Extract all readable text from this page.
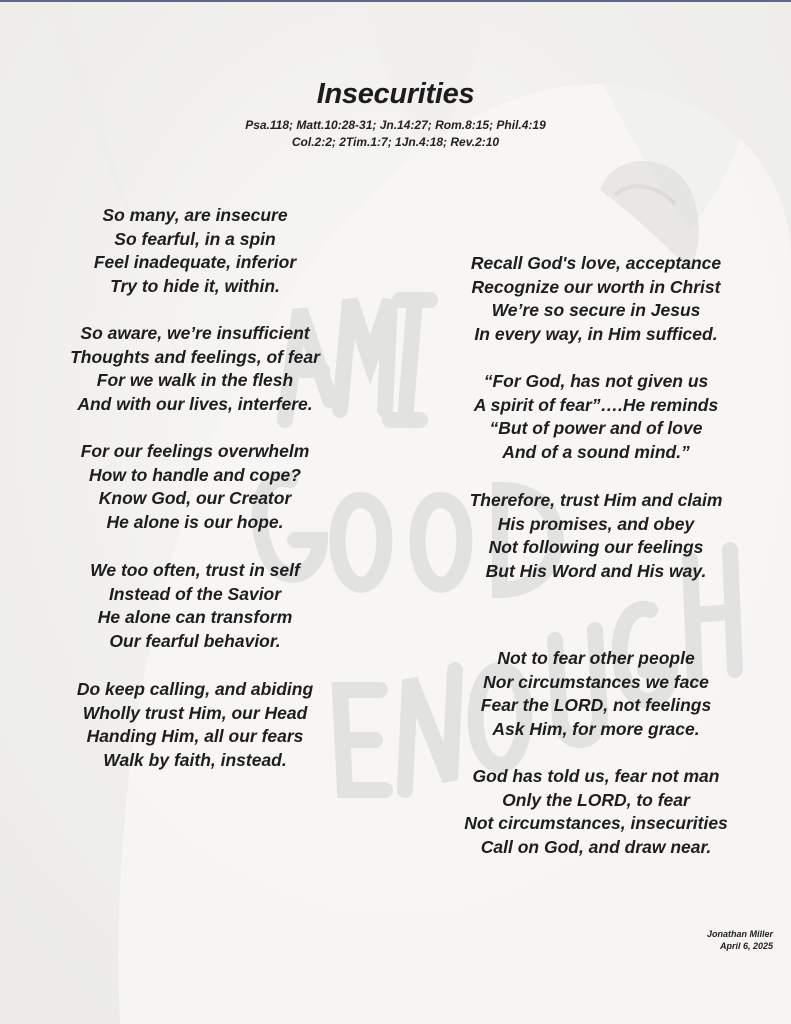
Insecurities
Psa.118; Matt.10:28-31; Jn.14:27; Rom.8:15; Phil.4:19
Col.2:2; 2Tim.1:7; 1Jn.4:18; Rev.2:10
So many, are insecure
So fearful, in a spin
Feel inadequate, inferior
Try to hide it, within.
So aware, we’re insufficient
Thoughts and feelings, of fear
For we walk in the flesh
And with our lives, interfere.
For our feelings overwhelm
How to handle and cope?
Know God, our Creator
He alone is our hope.
We too often, trust in self
Instead of the Savior
He alone can transform
Our fearful behavior.
Do keep calling, and abiding
Wholly trust Him, our Head
Handing Him, all our fears
Walk by faith, instead.
Recall God's love, acceptance
Recognize our worth in Christ
We’re so secure in Jesus
In every way, in Him sufficed.
“For God, has not given us
A spirit of fear”….He reminds
“But of power and of love
And of a sound mind.”
Therefore, trust Him and claim
His promises, and obey
Not following our feelings
But His Word and His way.
Not to fear other people
Nor circumstances we face
Fear the LORD, not feelings
Ask Him, for more grace.
God has told us, fear not man
Only the LORD, to fear
Not circumstances, insecurities
Call on God, and draw near.
Jonathan Miller
April 6, 2025
